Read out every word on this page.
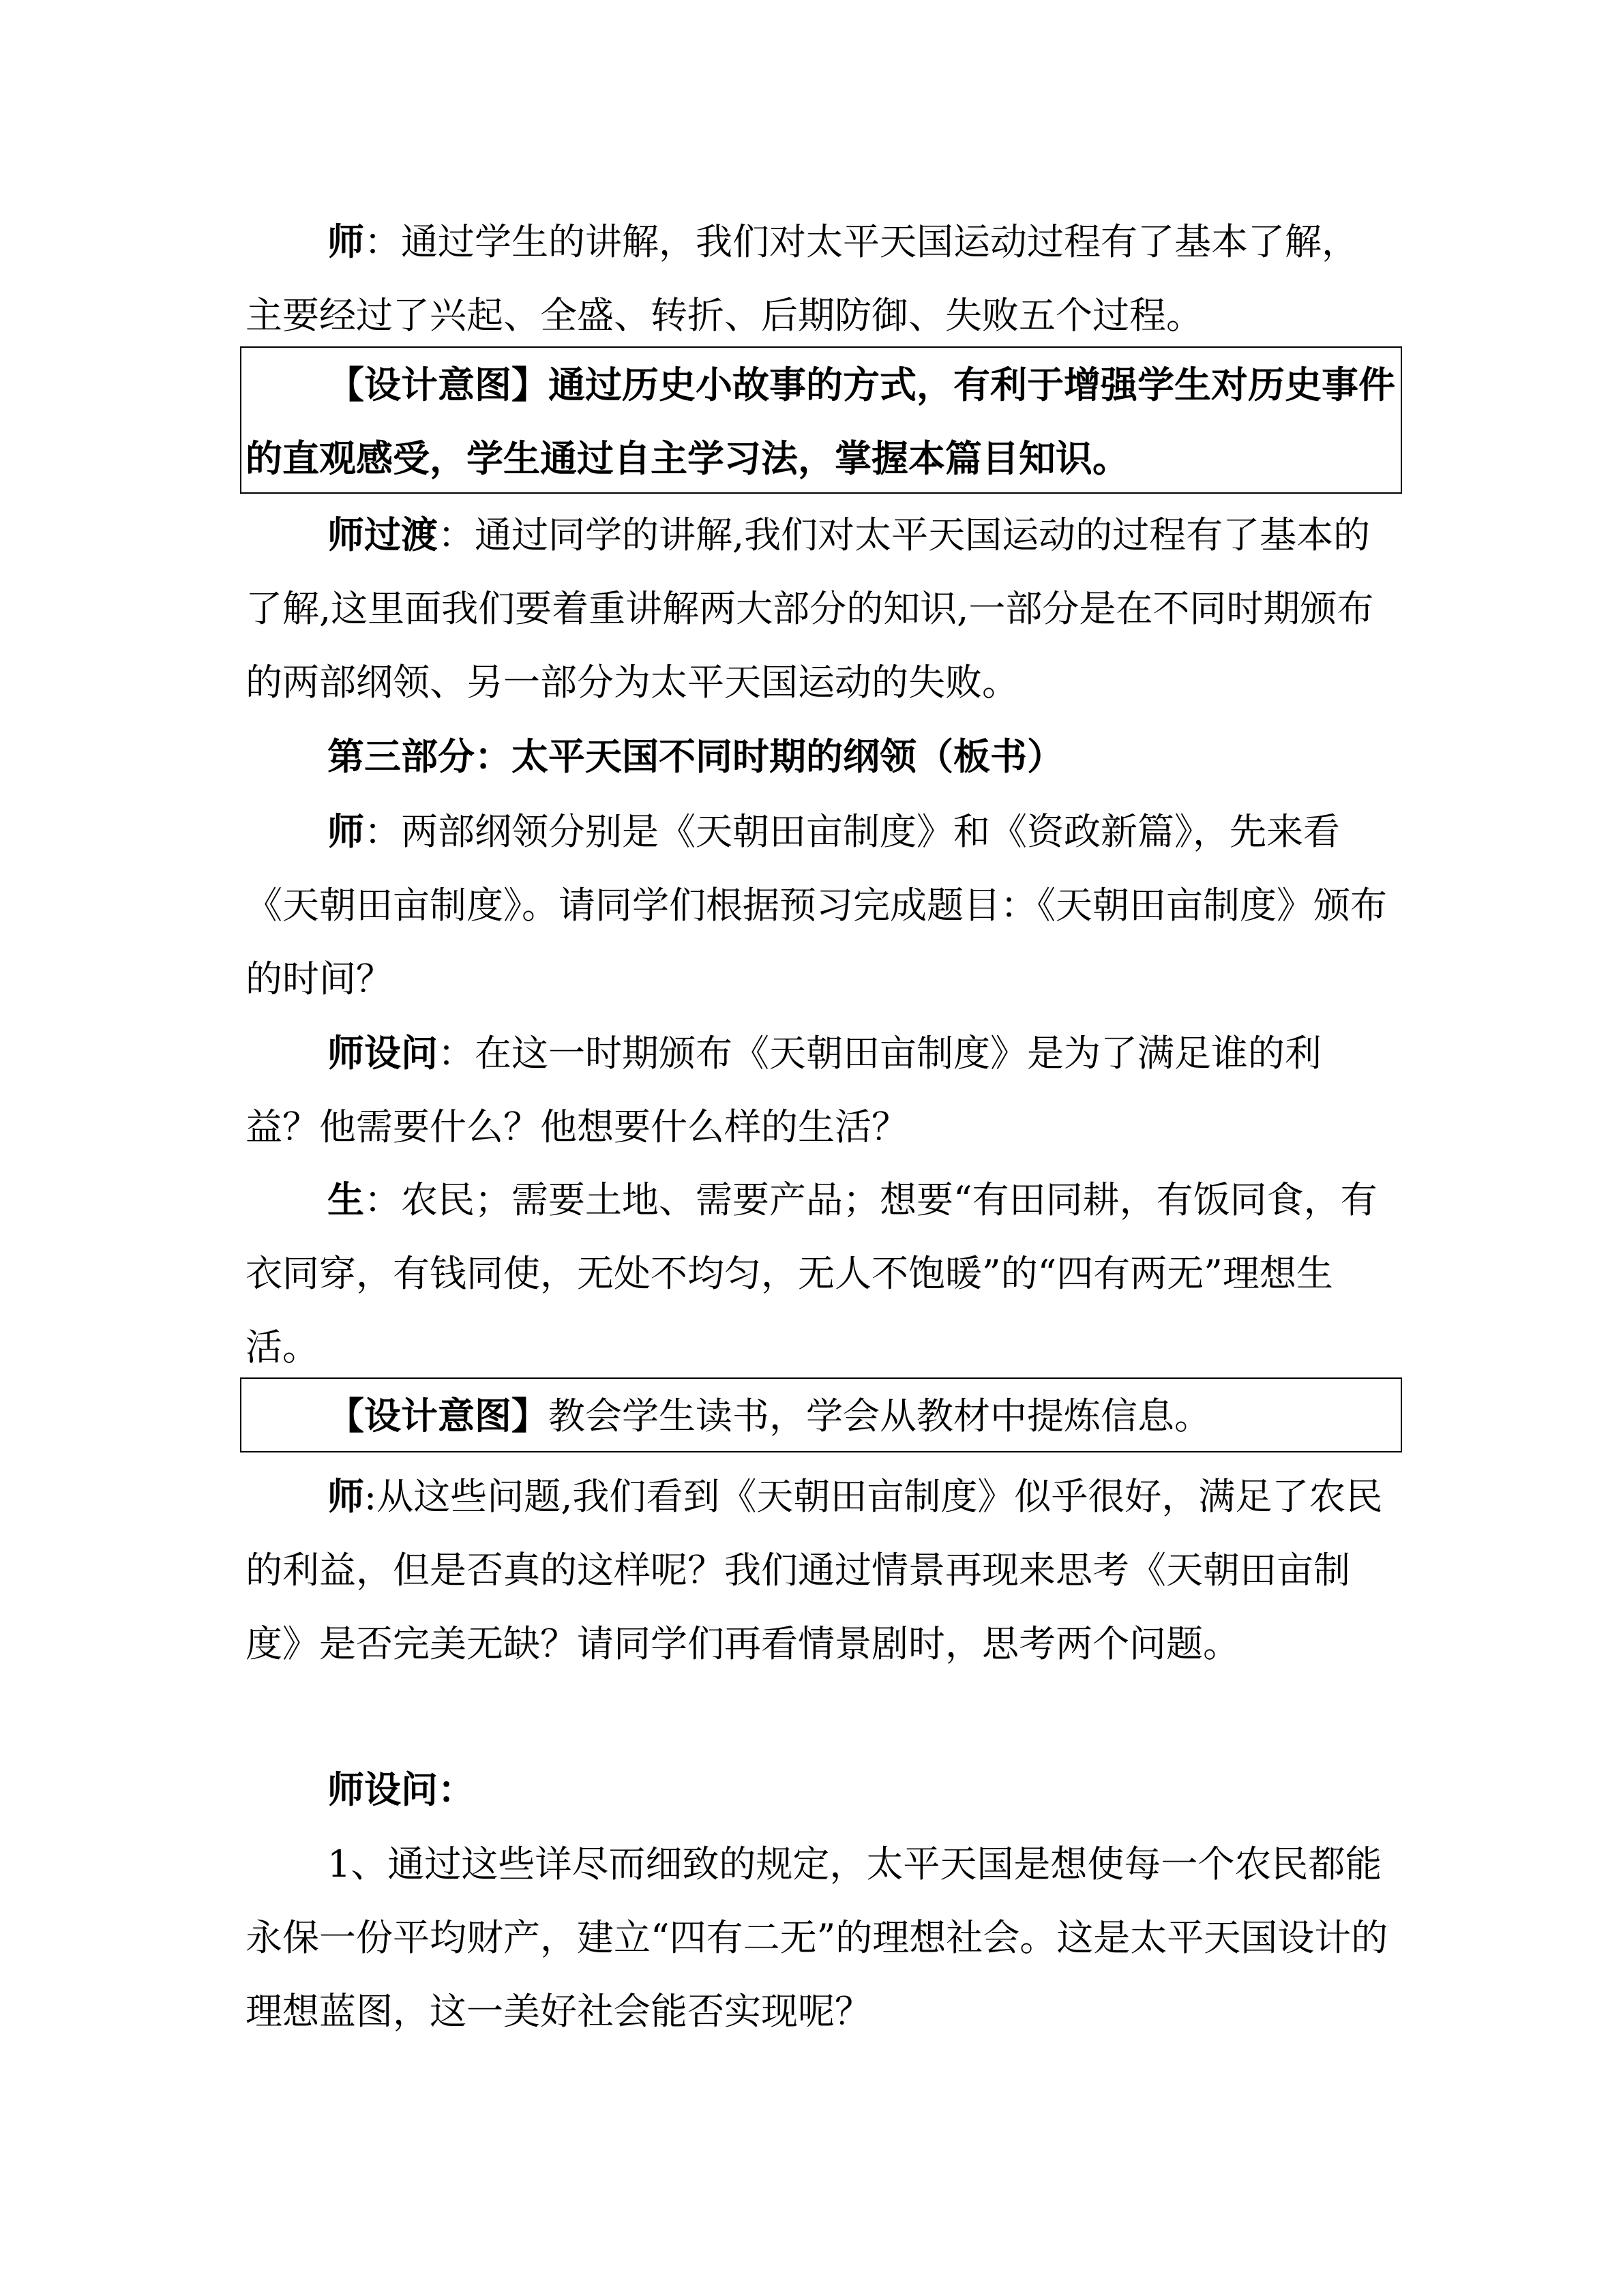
师：通过学生的讲解，我们对太平天国运动过程有了基本了解，主要经过了兴起、全盛、转折、后期防御、失败五个过程。

【设计意图】通过历史小故事的方式，有利于增强学生对历史事件的直观感受，学生通过自主学习法，掌握本篇目知识。

师过渡：通过同学的讲解,我们对太平天国运动的过程有了基本的了解,这里面我们要着重讲解两大部分的知识,一部分是在不同时期颁布的两部纲领、另一部分为太平天国运动的失败。

第三部分：太平天国不同时期的纲领（板书）

师：两部纲领分别是《天朝田亩制度》和《资政新篇》，先来看《天朝田亩制度》。请同学们根据预习完成题目：《天朝田亩制度》颁布的时间？

师设问：在这一时期颁布《天朝田亩制度》是为了满足谁的利益？他需要什么？他想要什么样的生活？

生：农民；需要土地、需要产品；想要“有田同耕，有饭同食，有衣同穿，有钱同使，无处不均匀，无人不饱暖”的“四有两无”理想生活。

【设计意图】教会学生读书，学会从教材中提炼信息。

师:从这些问题,我们看到《天朝田亩制度》似乎很好，满足了农民的利益，但是否真的这样呢？我们通过情景再现来思考《天朝田亩制度》是否完美无缺？请同学们再看情景剧时，思考两个问题。

师设问：

1、通过这些详尽而细致的规定，太平天国是想使每一个农民都能永保一份平均财产，建立“四有二无”的理想社会。这是太平天国设计的理想蓝图，这一美好社会能否实现呢？
